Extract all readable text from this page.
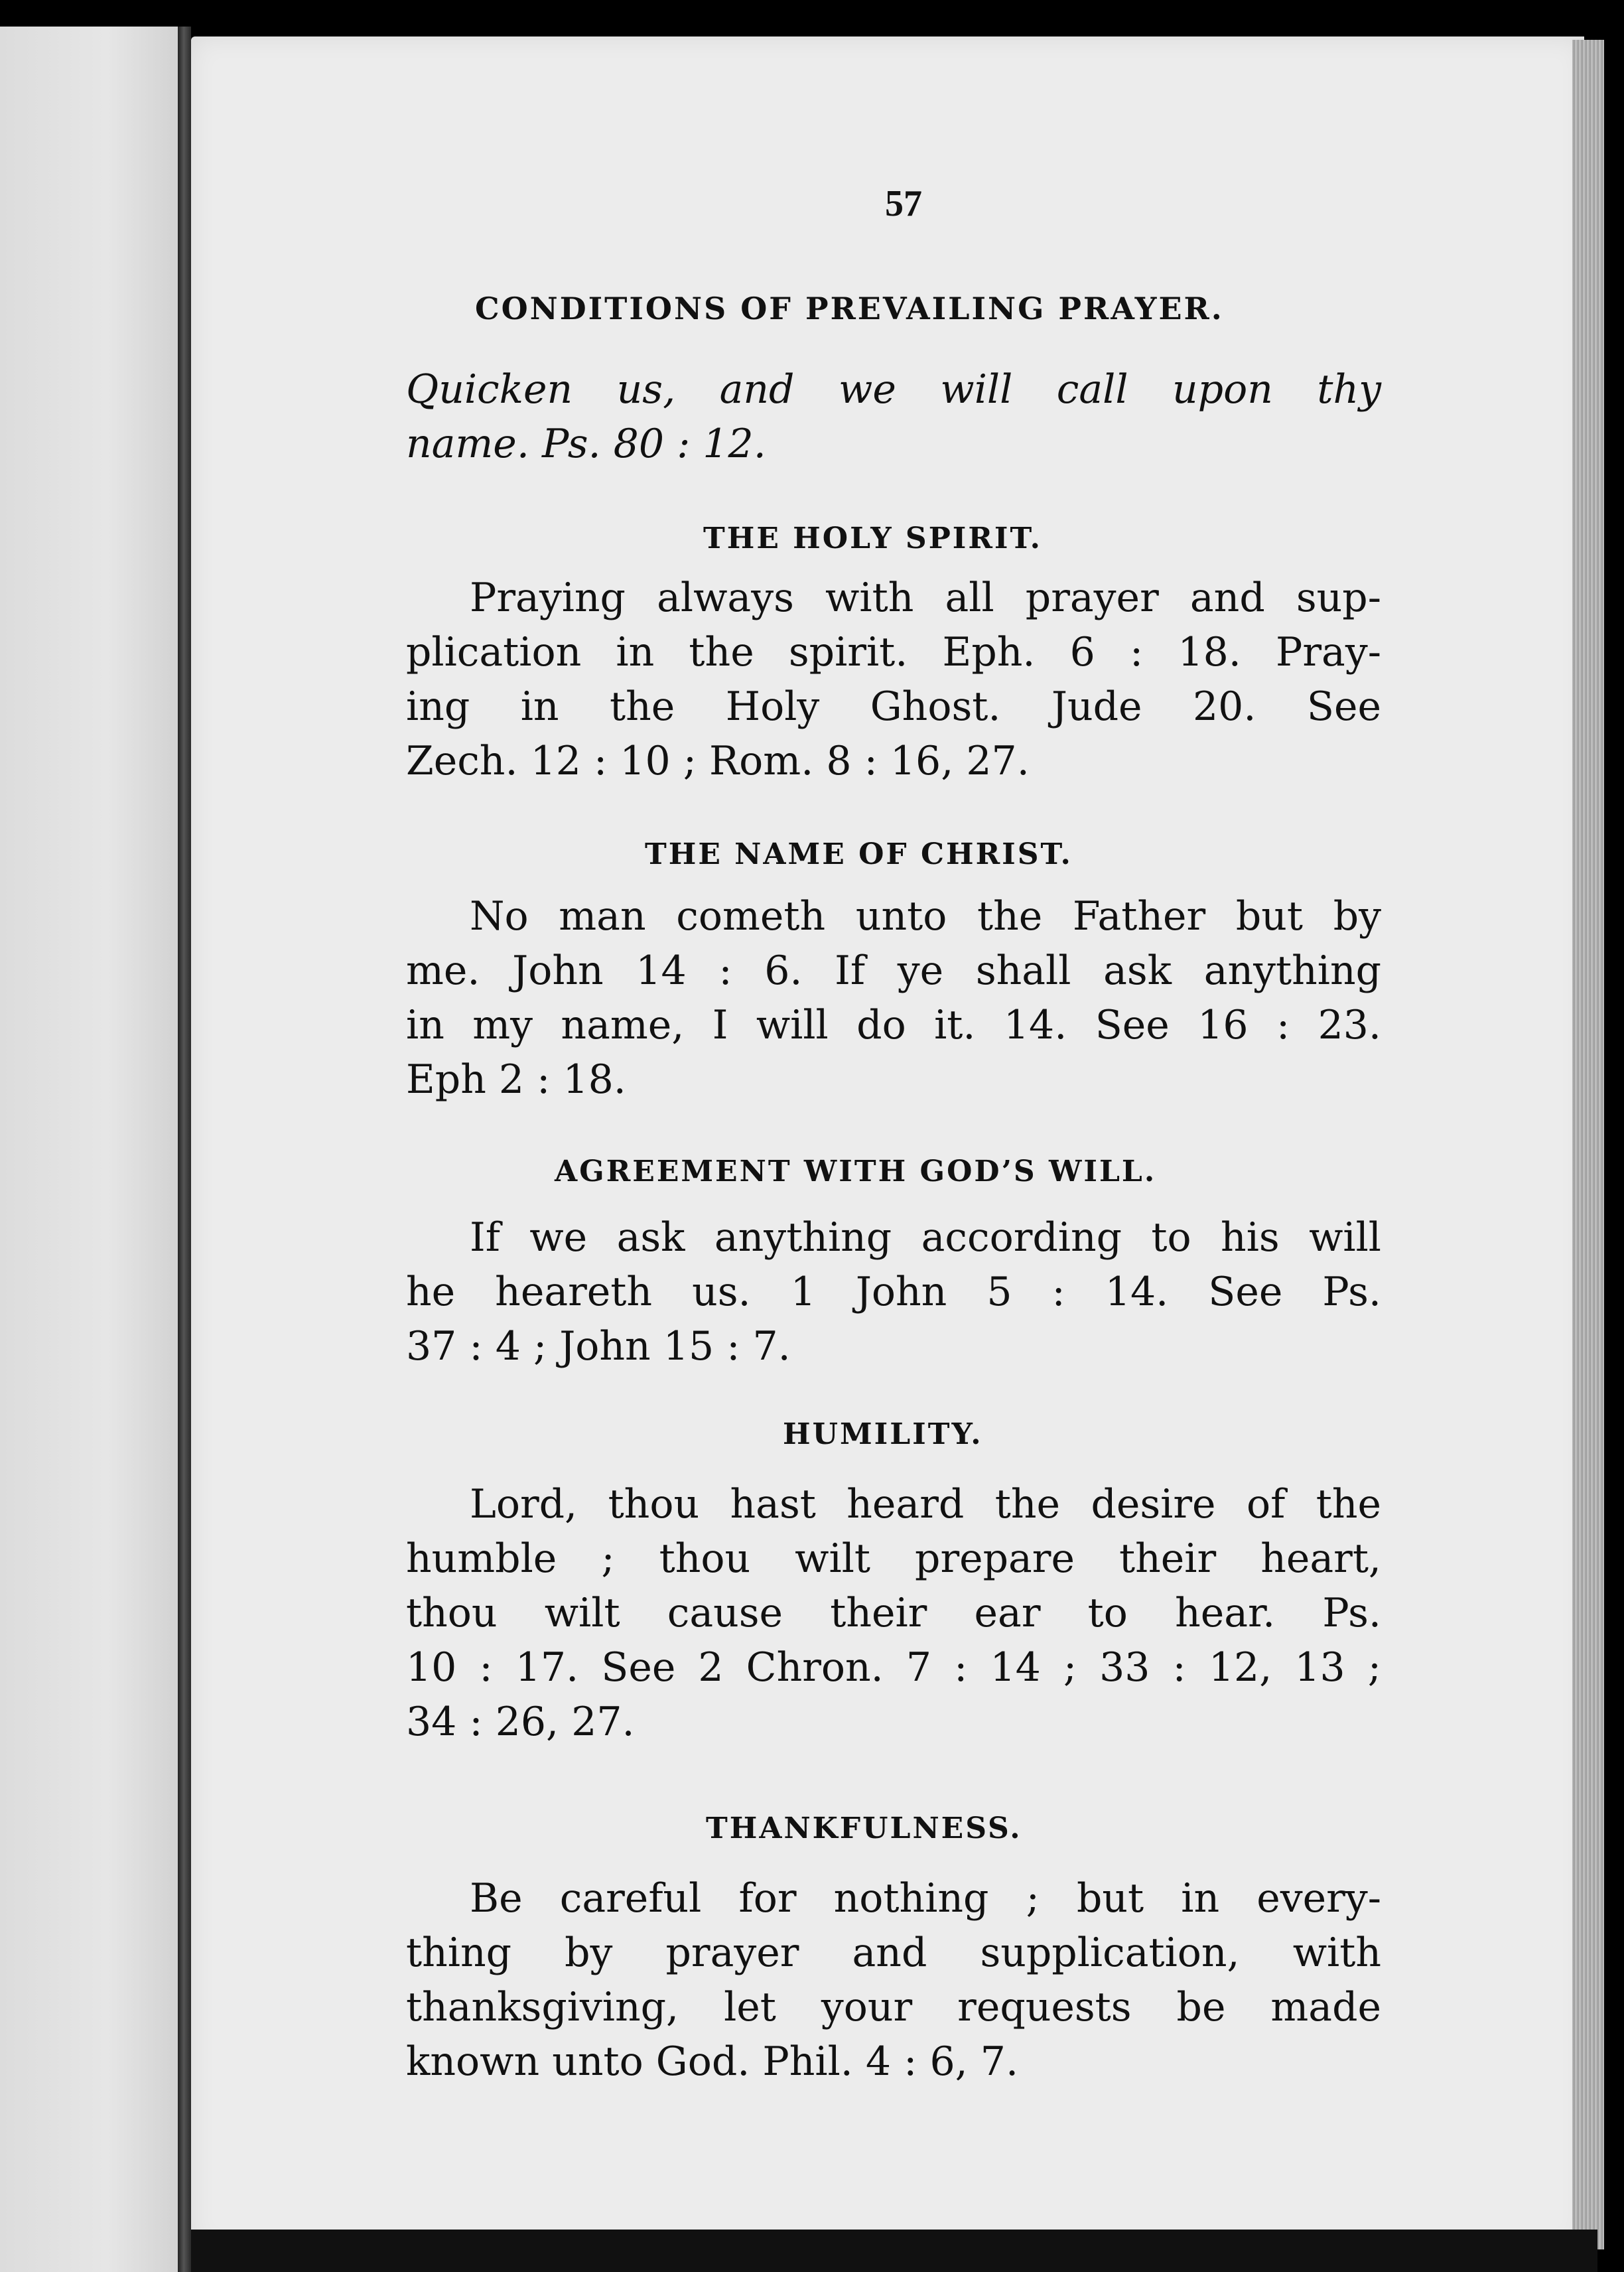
57
CONDITIONS OF PREVAILING PRAYER.
Quicken us, and we will call upon thy
name. Ps. 80 : 12.
THE HOLY SPIRIT.
Praying always with all prayer and sup-
plication in the spirit. Eph. 6 : 18. Pray-
ing in the Holy Ghost. Jude 20. See
Zech. 12 : 10 ; Rom. 8 : 16, 27.
THE NAME OF CHRIST.
No man cometh unto the Father but by
me. John 14 : 6. If ye shall ask anything
in my name, I will do it. 14. See 16 : 23.
Eph 2 : 18.
AGREEMENT WITH GOD’S WILL.
If we ask anything according to his will
he heareth us. 1 John 5 : 14. See Ps.
37 : 4 ; John 15 : 7.
HUMILITY.
Lord, thou hast heard the desire of the
humble ; thou wilt prepare their heart,
thou wilt cause their ear to hear. Ps.
10 : 17. See 2 Chron. 7 : 14 ; 33 : 12, 13 ;
34 : 26, 27.
THANKFULNESS.
Be careful for nothing ; but in every-
thing by prayer and supplication, with
thanksgiving, let your requests be made
known unto God. Phil. 4 : 6, 7.
